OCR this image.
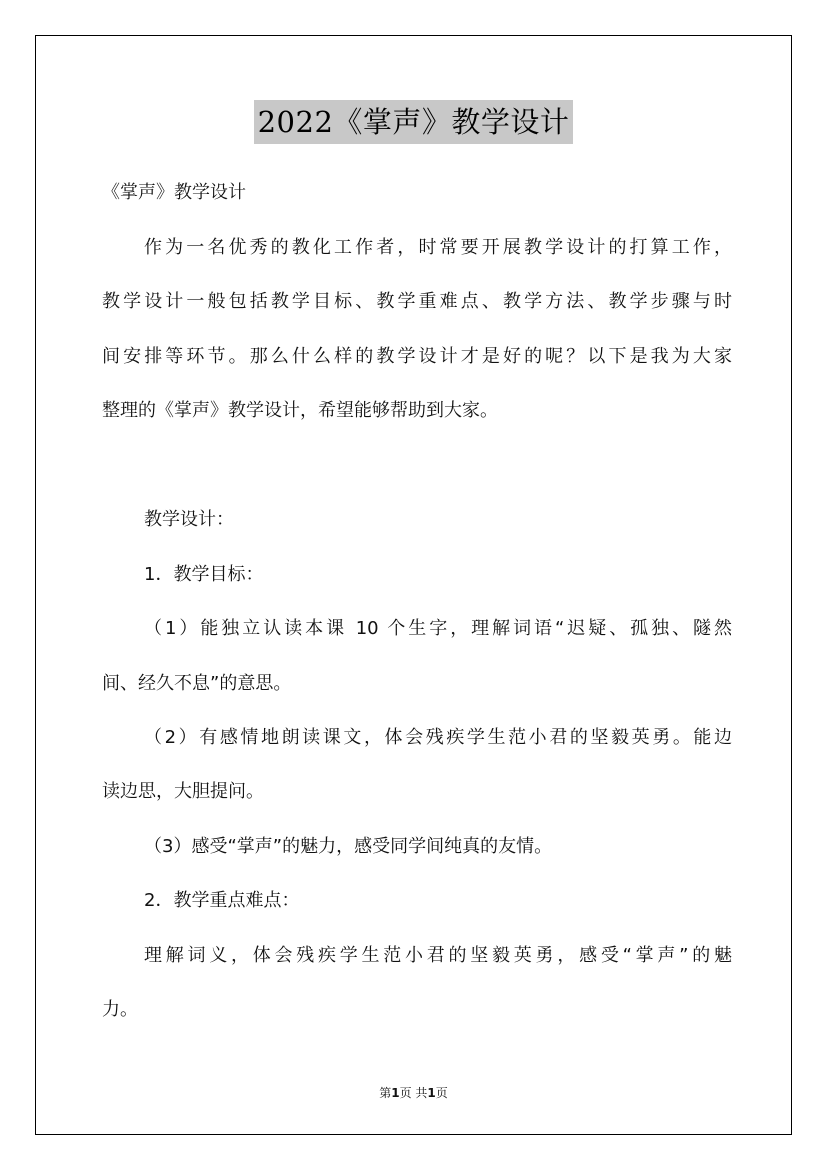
2022《掌声》教学设计
《掌声》教学设计
作为一名优秀的教化工作者，时常要开展教学设计的打算工作，
教学设计一般包括教学目标、教学重难点、教学方法、教学步骤与时
间安排等环节。那么什么样的教学设计才是好的呢？以下是我为大家
整理的《掌声》教学设计，希望能够帮助到大家。
教学设计：
1．教学目标：
（1）能独立认读本课 10 个生字，理解词语“迟疑、孤独、隧然
间、经久不息”的意思。
（2）有感情地朗读课文，体会残疾学生范小君的坚毅英勇。能边
读边思，大胆提问。
（3）感受“掌声”的魅力，感受同学间纯真的友情。
2．教学重点难点：
理解词义，体会残疾学生范小君的坚毅英勇，感受“掌声”的魅
力。
第1页 共1页
